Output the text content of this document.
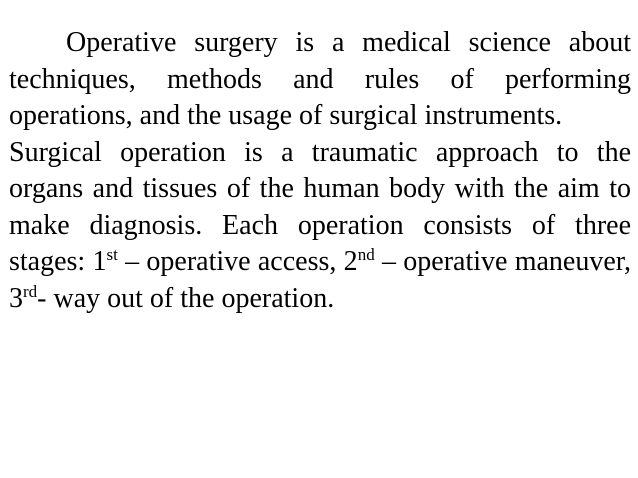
Operative surgery is a medical science about techniques, methods and rules of performing operations, and the usage of surgical instruments.

Surgical operation is a traumatic approach to the organs and tissues of the human body with the aim to make diagnosis. Each operation consists of three stages: 1st – operative access, 2nd – operative maneuver, 3rd- way out of the operation.
